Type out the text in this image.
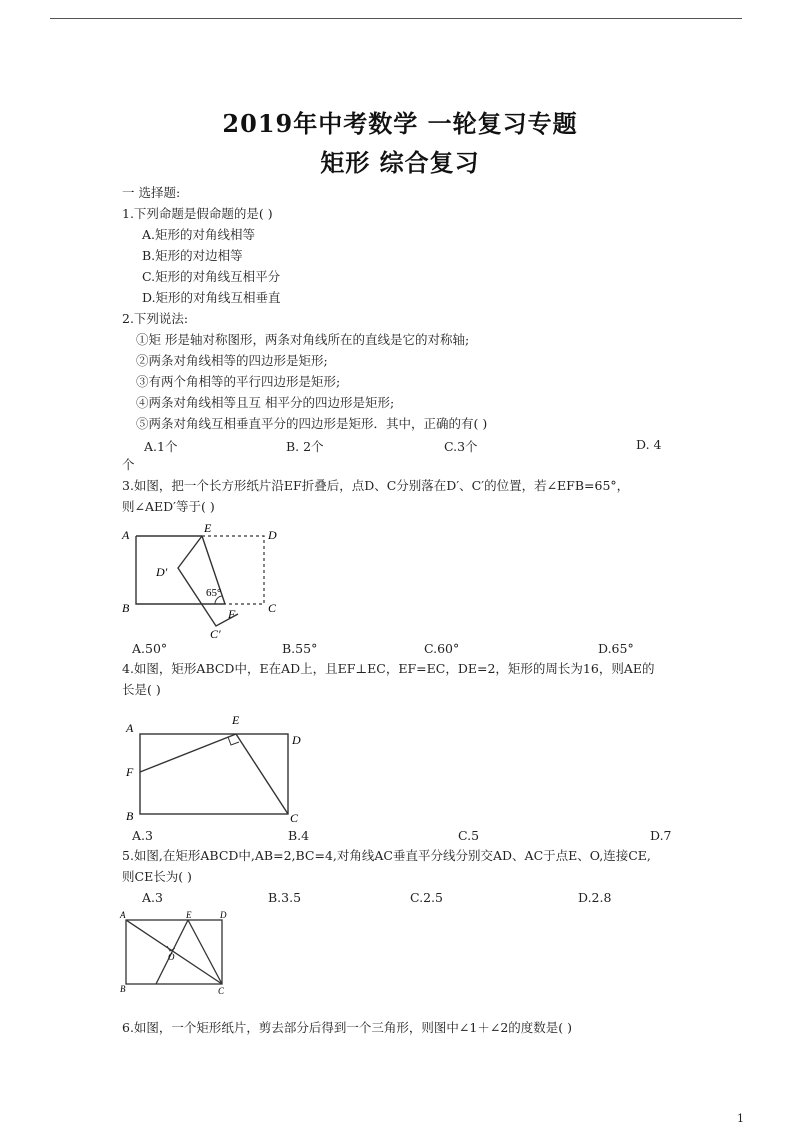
2019年中考数学 一轮复习专题
矩形 综合复习
一 选择题:
1.下列命题是假命题的是( )
A.矩形的对角线相等
B.矩形的对边相等
C.矩形的对角线互相平分
D.矩形的对角线互相垂直
2.下列说法:
①矩 形是轴对称图形，两条对角线所在的直线是它的对称轴;
②两条对角线相等的四边形是矩形;
③有两个角相等的平行四边形是矩形;
④两条对角线相等且互 相平分的四边形是矩形;
⑤两条对角线互相垂直平分的四边形是矩形．其中，正确的有( )
A.1个	B. 2个	C.3个	D. 4
个
3.如图，把一个长方形纸片沿EF折叠后，点D、C分别落在D′、C′的位置，若∠EFB=65°，
则∠AED′等于( )
A
B	C
D
E
F
D′
C′
65°
A.50°	B.55°	C.60°	D.65°
4.如图，矩形ABCD中，E在AD上，且EF⊥EC，EF=EC，DE=2，矩形的周长为16，则AE的
长是( )
A
B	C
D
E
F
A.3	B.4	C.5	D.7
5.如图,在矩形ABCD中,AB=2,BC=4,对角线AC垂直平分线分别交AD、AC于点E、O,连接CE,
则CE长为( )
A.3	B.3.5	C.2.5	D.2.8
A
B	C
D
E
O
6.如图，一个矩形纸片，剪去部分后得到一个三角形，则图中∠1＋∠2的度数是( )
1
